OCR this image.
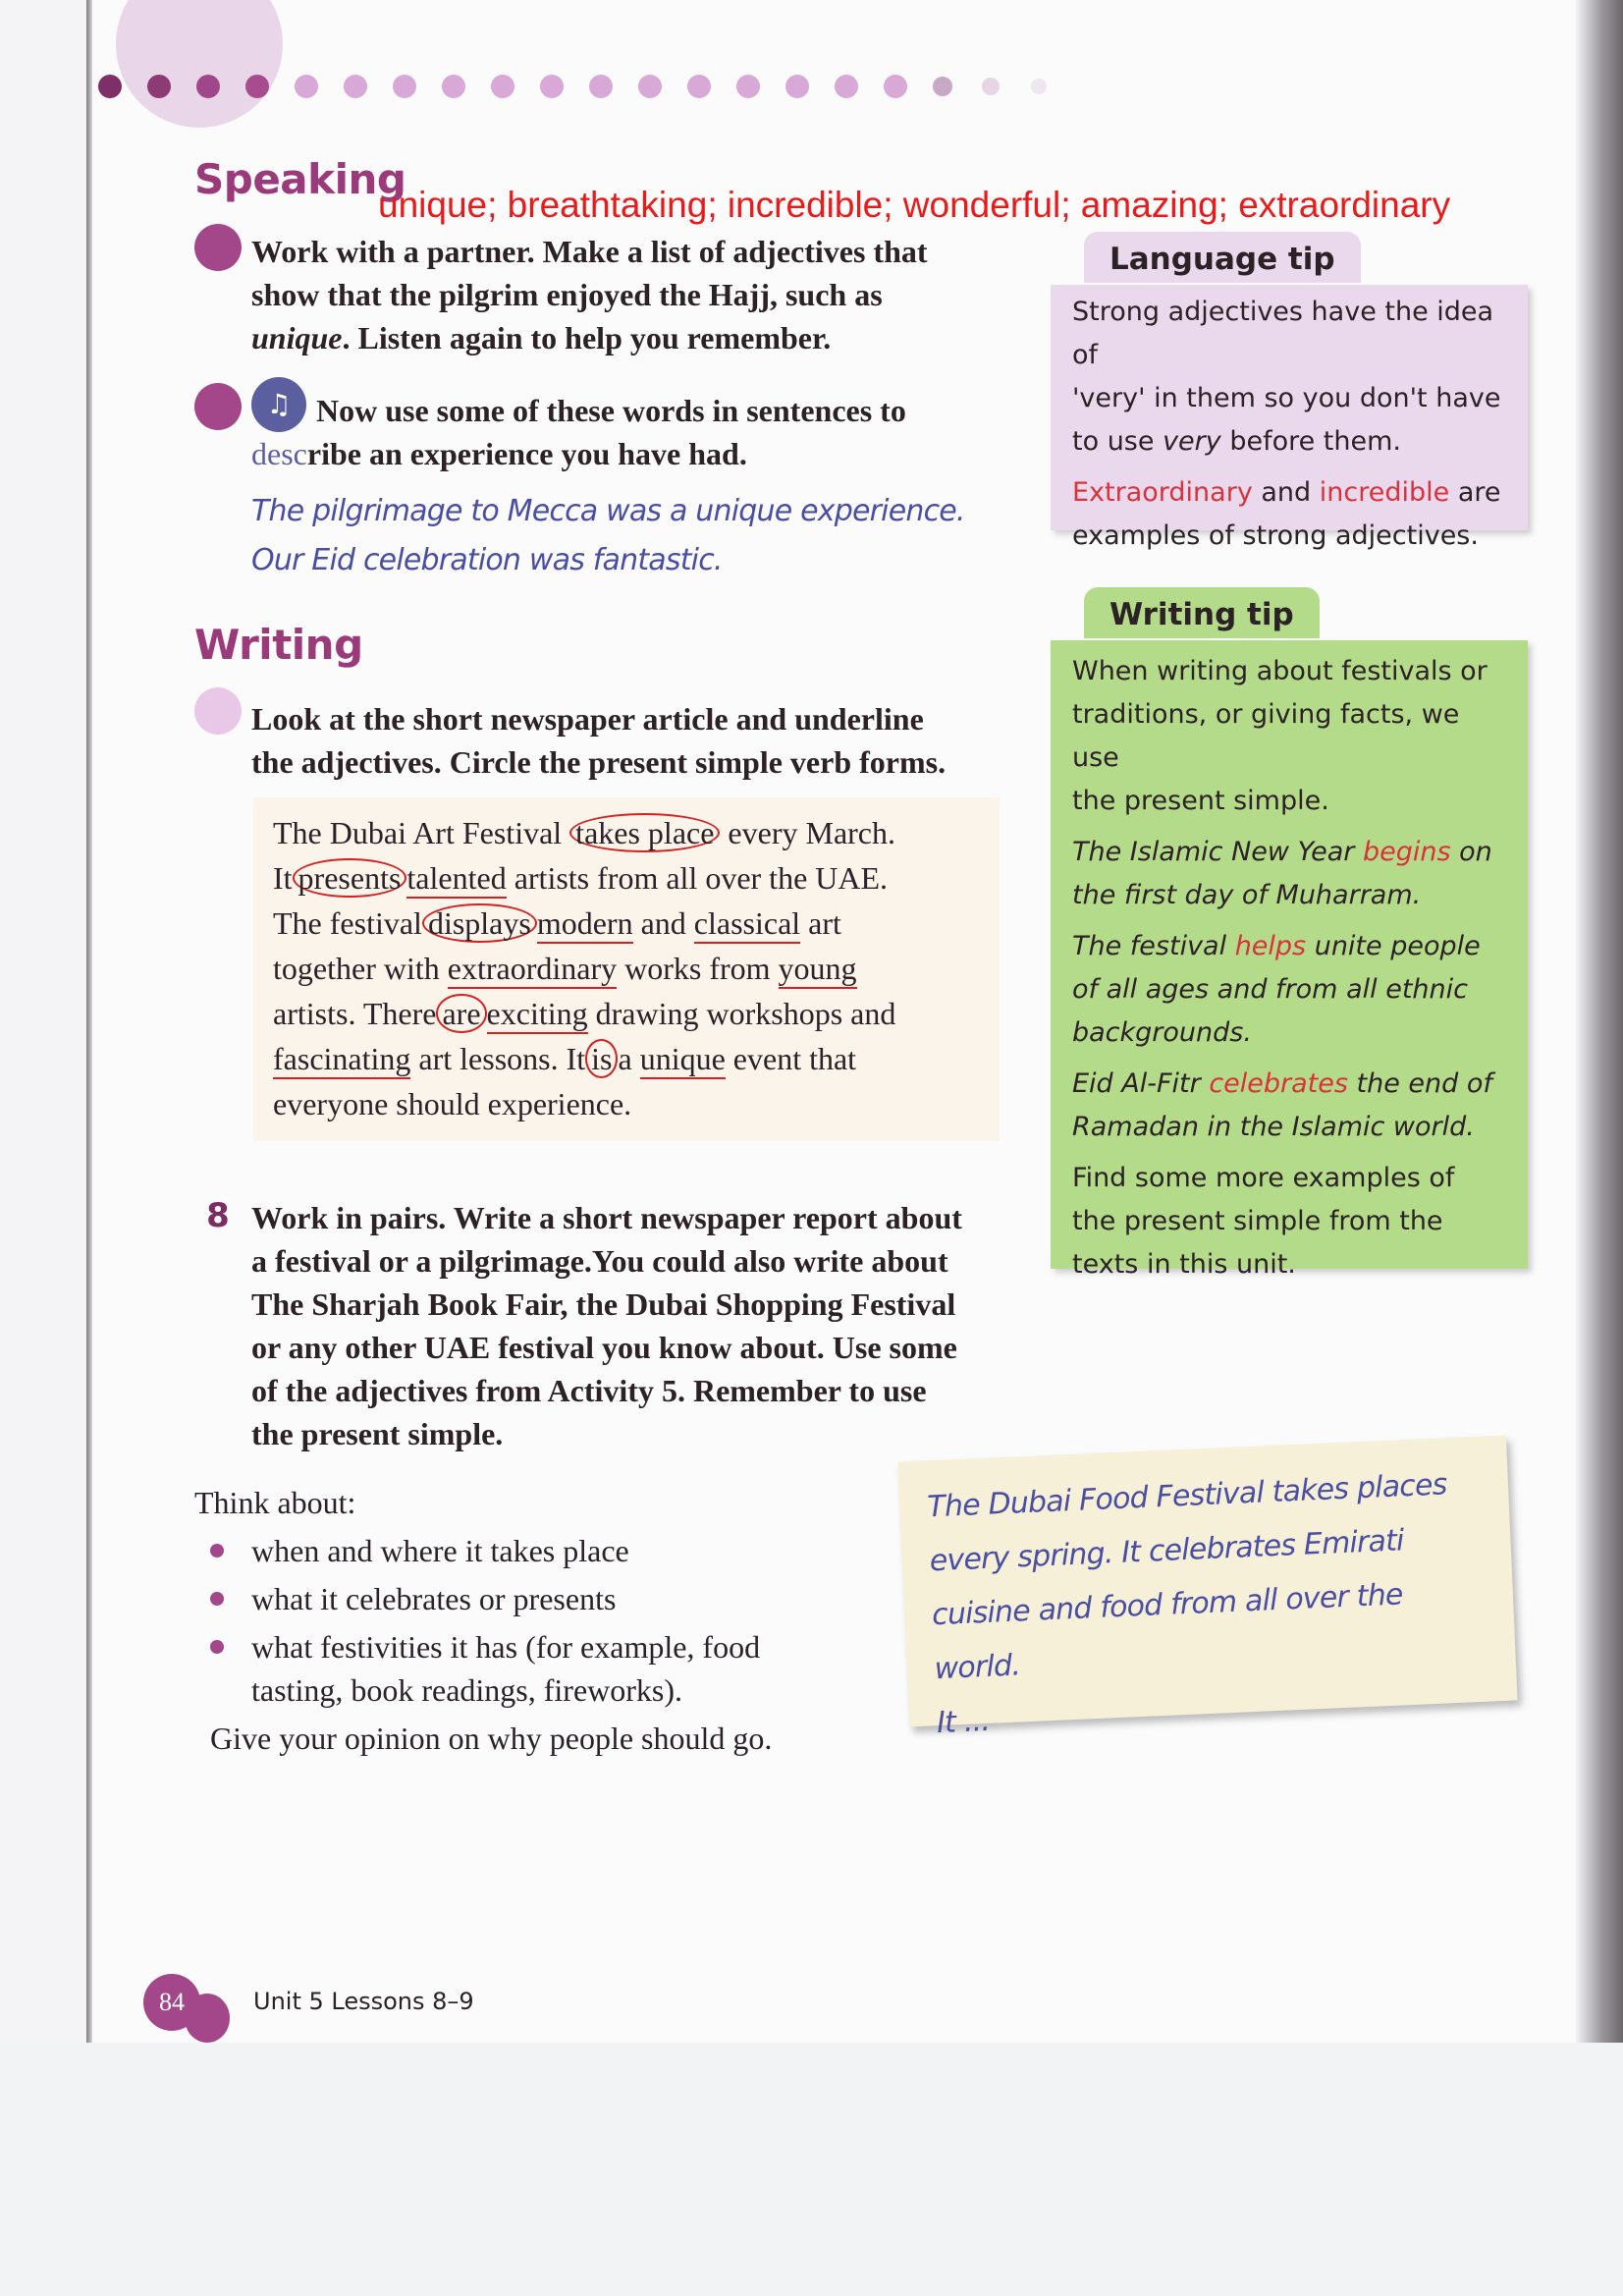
Speaking
unique; breathtaking; incredible; wonderful; amazing; extraordinary
Work with a partner. Make a list of adjectives that
show that the pilgrim enjoyed the Hajj, such as
unique. Listen again to help you remember.
♫ Now use some of these words in sentences to
describe an experience you have had.
The pilgrimage to Mecca was a unique experience.
Our Eid celebration was fantastic.
Writing
Look at the short newspaper article and underline
the adjectives. Circle the present simple verb forms.
The Dubai Art Festival takes place every March.
It presents talented artists from all over the UAE.
The festival displays modern and classical art
together with extraordinary works from young
artists. There are exciting drawing workshops and
fascinating art lessons. It is a unique event that
everyone should experience.
8 Work in pairs. Write a short newspaper report about
a festival or a pilgrimage.You could also write about
The Sharjah Book Fair, the Dubai Shopping Festival
or any other UAE festival you know about. Use some
of the adjectives from Activity 5. Remember to use
the present simple.
Think about:
when and where it takes place
what it celebrates or presents
what festivities it has (for example, food
tasting, book readings, fireworks).
Give your opinion on why people should go.
Language tip

Strong adjectives have the idea of
'very' in them so you don't have
to use very before them.

Extraordinary and incredible are
examples of strong adjectives.

Writing tip

When writing about festivals or
traditions, or giving facts, we use
the present simple.

The Islamic New Year begins on
the first day of Muharram.

The festival helps unite people
of all ages and from all ethnic
backgrounds.

Eid Al-Fitr celebrates the end of
Ramadan in the Islamic world.

Find some more examples of
the present simple from the
texts in this unit.

The Dubai Food Festival takes places
every spring. It celebrates Emirati
cuisine and food from all over the world.
It ...
84	Unit 5 Lessons 8–9
